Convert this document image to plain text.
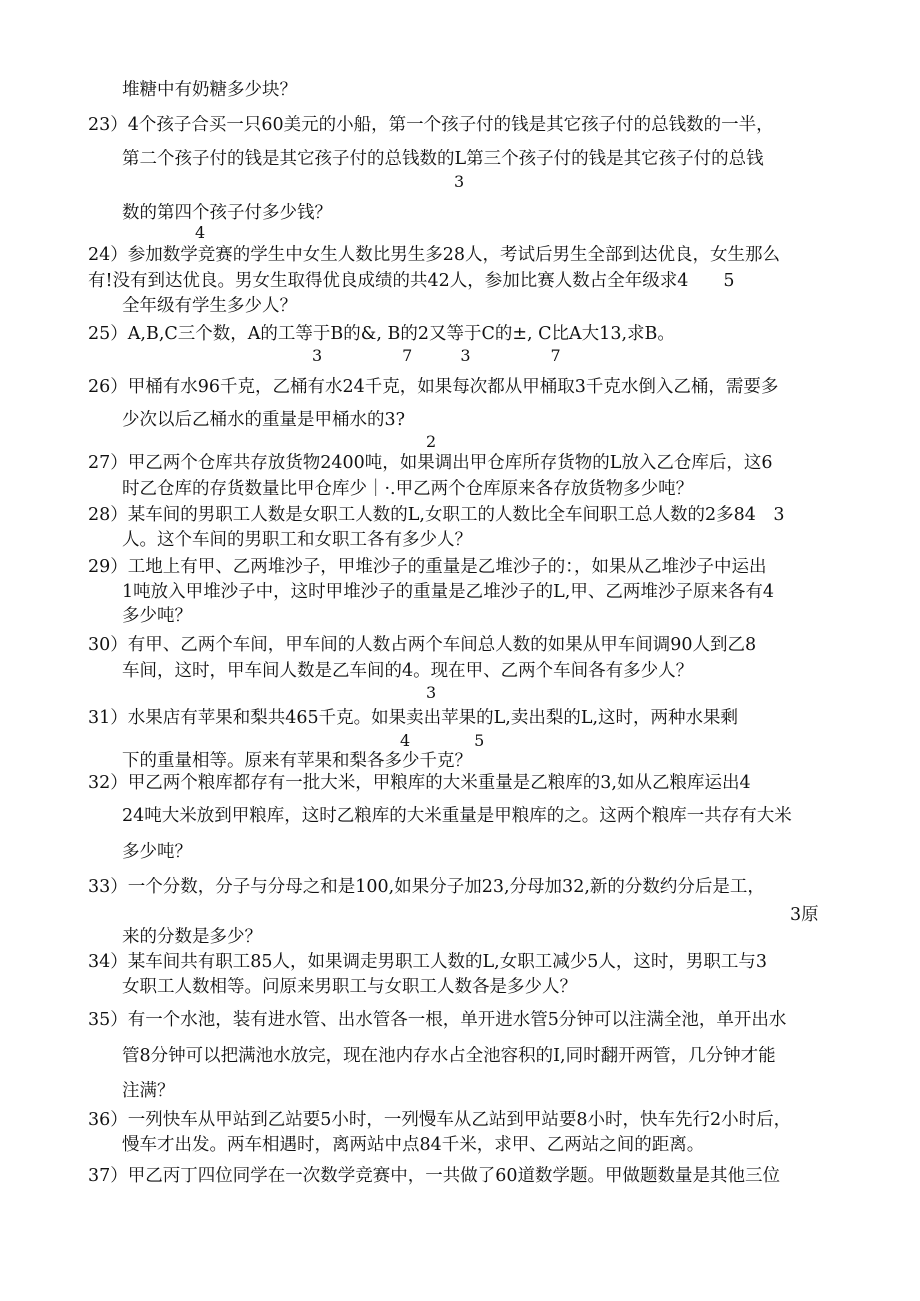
堆糖中有奶糖多少块？
23）4个孩子合买一只60美元的小船，第一个孩子付的钱是其它孩子付的总钱数的一半，
第二个孩子付的钱是其它孩子付的总钱数的L第三个孩子付的钱是其它孩子付的总钱
3
数的第四个孩子付多少钱？
4
24）参加数学竞赛的学生中女生人数比男生多28人，考试后男生全部到达优良，女生那么
有!没有到达优良。男女生取得优良成绩的共42人，参加比赛人数占全年级求4　　5
全年级有学生多少人？
25）A,B,C三个数，A的工等于B的&, B的2又等于C的±, C比A大13,求B。
3　　　　　7　　　3　　　　　7
26）甲桶有水96千克，乙桶有水24千克，如果每次都从甲桶取3千克水倒入乙桶，需要多
少次以后乙桶水的重量是甲桶水的3?
2
27）甲乙两个仓库共存放货物2400吨，如果调出甲仓库所存货物的L放入乙仓库后，这6
时乙仓库的存货数量比甲仓库少｜·.甲乙两个仓库原来各存放货物多少吨？
28）某车间的男职工人数是女职工人数的L,女职工的人数比全车间职工总人数的2多84　3
人。这个车间的男职工和女职工各有多少人？
29）工地上有甲、乙两堆沙子，甲堆沙子的重量是乙堆沙子的：，如果从乙堆沙子中运出
1吨放入甲堆沙子中，这时甲堆沙子的重量是乙堆沙子的L,甲、乙两堆沙子原来各有4
多少吨？
30）有甲、乙两个车间，甲车间的人数占两个车间总人数的如果从甲车间调90人到乙8
车间，这时，甲车间人数是乙车间的4。现在甲、乙两个车间各有多少人？
3
31）水果店有苹果和梨共465千克。如果卖出苹果的L,卖出梨的L,这时，两种水果剩
4　　　　5
下的重量相等。原来有苹果和梨各多少千克？
32）甲乙两个粮库都存有一批大米，甲粮库的大米重量是乙粮库的3,如从乙粮库运出4
24吨大米放到甲粮库，这时乙粮库的大米重量是甲粮库的之。这两个粮库一共存有大米
多少吨？
33）一个分数，分子与分母之和是100,如果分子加23,分母加32,新的分数约分后是工，
3原
来的分数是多少？
34）某车间共有职工85人，如果调走男职工人数的L,女职工减少5人，这时，男职工与3
女职工人数相等。问原来男职工与女职工人数各是多少人？
35）有一个水池，装有进水管、出水管各一根，单开进水管5分钟可以注满全池，单开出水
管8分钟可以把满池水放完，现在池内存水占全池容积的I,同时翻开两管，几分钟才能
注满？
36）一列快车从甲站到乙站要5小时，一列慢车从乙站到甲站要8小时，快车先行2小时后，
慢车才出发。两车相遇时，离两站中点84千米，求甲、乙两站之间的距离。
37）甲乙丙丁四位同学在一次数学竞赛中，一共做了60道数学题。甲做题数量是其他三位
